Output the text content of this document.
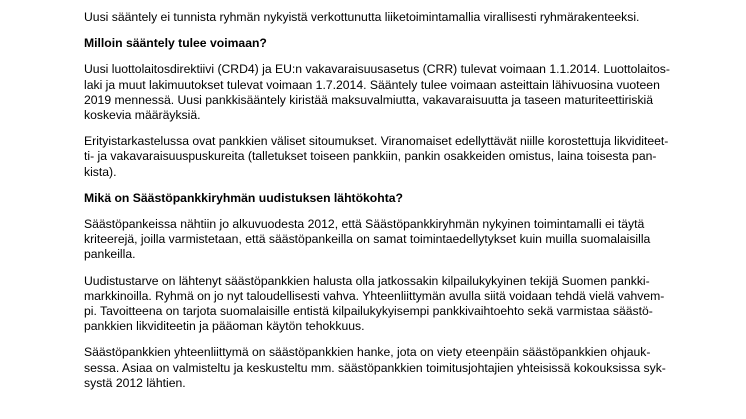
Uusi sääntely ei tunnista ryhmän nykyistä verkottunutta liiketoimintamallia virallisesti ryhmärakenteeksi.
Milloin sääntely tulee voimaan?
Uusi luottolaitosdirektiivi (CRD4) ja EU:n vakavaraisuusasetus (CRR) tulevat voimaan 1.1.2014. Luottolaitos-
laki ja muut lakimuutokset tulevat voimaan 1.7.2014. Sääntely tulee voimaan asteittain lähivuosina vuoteen
2019 mennessä. Uusi pankkisääntely kiristää maksuvalmiutta, vakavaraisuutta ja taseen maturiteettiriskiä
koskevia määräyksiä.
Erityistarkastelussa ovat pankkien väliset sitoumukset. Viranomaiset edellyttävät niille korostettuja likviditeet-
ti- ja vakavaraisuuspuskureita (talletukset toiseen pankkiin, pankin osakkeiden omistus, laina toisesta pan-
kista).
Mikä on Säästöpankkiryhmän uudistuksen lähtökohta?
Säästöpankeissa nähtiin jo alkuvuodesta 2012, että Säästöpankkiryhmän nykyinen toimintamalli ei täytä
kriteerejä, joilla varmistetaan, että säästöpankeilla on samat toimintaedellytykset kuin muilla suomalaisilla
pankeilla.
Uudistustarve on lähtenyt säästöpankkien halusta olla jatkossakin kilpailukykyinen tekijä Suomen pankki-
markkinoilla. Ryhmä on jo nyt taloudellisesti vahva. Yhteenliittymän avulla siitä voidaan tehdä vielä vahvem-
pi. Tavoitteena on tarjota suomalaisille entistä kilpailukykyisempi pankkivaihtoehto sekä varmistaa säästö-
pankkien likviditeetin ja pääoman käytön tehokkuus.
Säästöpankkien yhteenliittymä on säästöpankkien hanke, jota on viety eteenpäin säästöpankkien ohjauk-
sessa. Asiaa on valmisteltu ja keskusteltu mm. säästöpankkien toimitusjohtajien yhteisissä kokouksissa syk-
systä 2012 lähtien.
